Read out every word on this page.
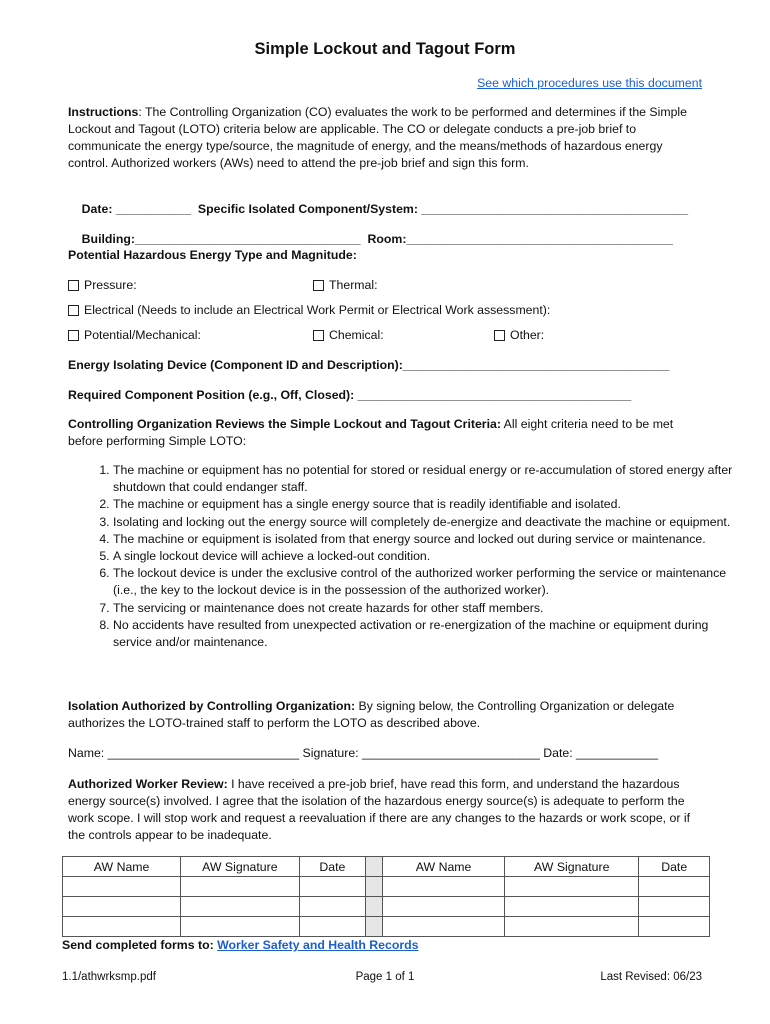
Simple Lockout and Tagout Form
See which procedures use this document
Instructions: The Controlling Organization (CO) evaluates the work to be performed and determines if the Simple Lockout and Tagout (LOTO) criteria below are applicable. The CO or delegate conducts a pre-job brief to communicate the energy type/source, the magnitude of energy, and the means/methods of hazardous energy control. Authorized workers (AWs) need to attend the pre-job brief and sign this form.

Date: ___________ Specific Isolated Component/System: _______________________________________

Building:_________________________________ Room:_______________________________________

Potential Hazardous Energy Type and Magnitude:
Pressure:	Thermal:
Electrical (Needs to include an Electrical Work Permit or Electrical Work assessment):
Potential/Mechanical:	Chemical:	Other:
Energy Isolating Device (Component ID and Description):_______________________________________
Required Component Position (e.g., Off, Closed): ________________________________________
Controlling Organization Reviews the Simple Lockout and Tagout Criteria: All eight criteria need to be met before performing Simple LOTO:
1. The machine or equipment has no potential for stored or residual energy or re-accumulation of stored energy after shutdown that could endanger staff.
2. The machine or equipment has a single energy source that is readily identifiable and isolated.
3. Isolating and locking out the energy source will completely de-energize and deactivate the machine or equipment.
4. The machine or equipment is isolated from that energy source and locked out during service or maintenance.
5. A single lockout device will achieve a locked-out condition.
6. The lockout device is under the exclusive control of the authorized worker performing the service or maintenance (i.e., the key to the lockout device is in the possession of the authorized worker).
7. The servicing or maintenance does not create hazards for other staff members.
8. No accidents have resulted from unexpected activation or re-energization of the machine or equipment during service and/or maintenance.
Isolation Authorized by Controlling Organization: By signing below, the Controlling Organization or delegate authorizes the LOTO-trained staff to perform the LOTO as described above.
Name: ____________________________ Signature: __________________________ Date: ____________
Authorized Worker Review: I have received a pre-job brief, have read this form, and understand the hazardous energy source(s) involved. I agree that the isolation of the hazardous energy source(s) is adequate to perform the work scope. I will stop work and request a reevaluation if there are any changes to the hazards or work scope, or if the controls appear to be inadequate.
AW Name	AW Signature	Date		AW Name	AW Signature	Date

Send completed forms to: Worker Safety and Health Records
1.1/athwrksmp.pdf	Page 1 of 1	Last Revised: 06/23
